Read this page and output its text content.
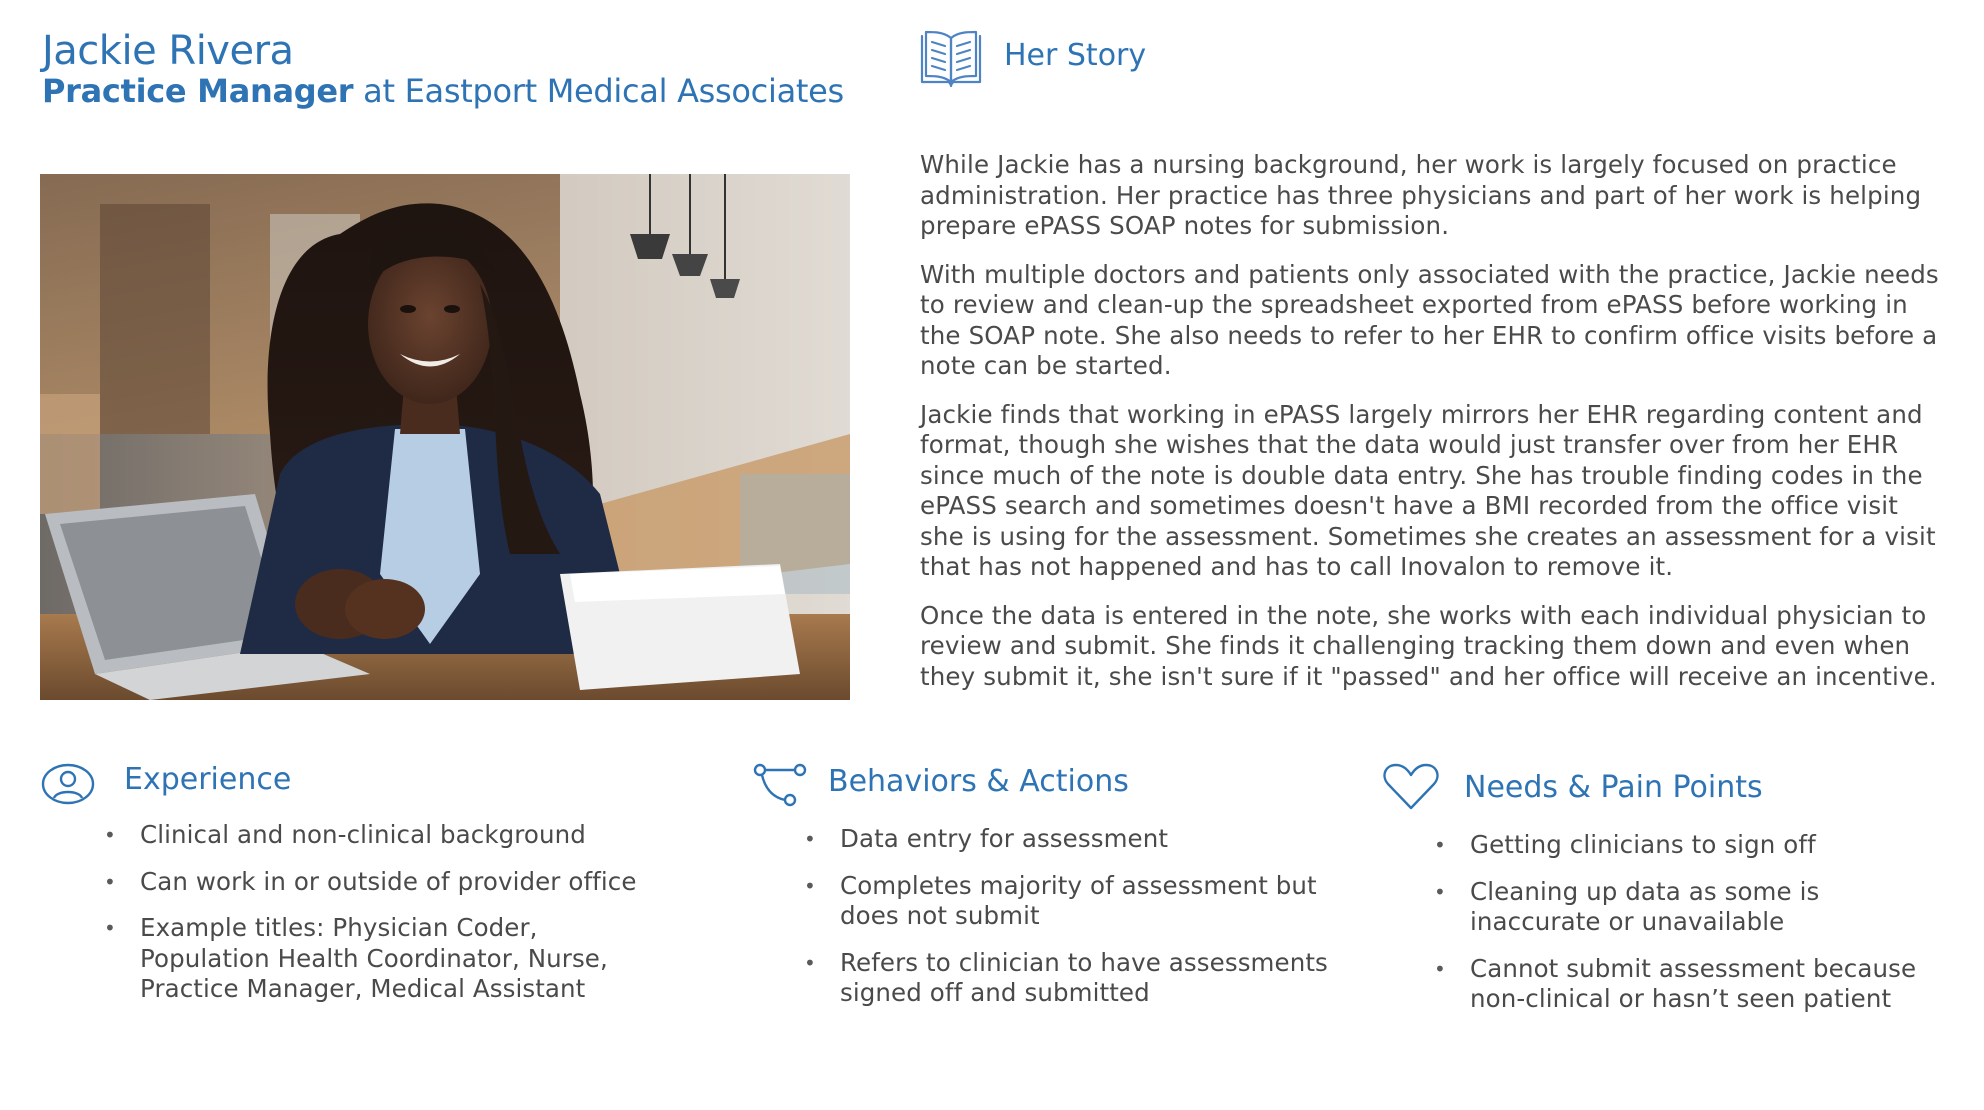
Jackie Rivera
Practice Manager at Eastport Medical Associates
Her Story

While Jackie has a nursing background, her work is largely focused on practice administration. Her practice has three physicians and part of her work is helping prepare ePASS SOAP notes for submission.

With multiple doctors and patients only associated with the practice, Jackie needs to review and clean-up the spreadsheet exported from ePASS before working in the SOAP note. She also needs to refer to her EHR to confirm office visits before a note can be started.

Jackie finds that working in ePASS largely mirrors her EHR regarding content and format, though she wishes that the data would just transfer over from her EHR since much of the note is double data entry. She has trouble finding codes in the ePASS search and sometimes doesn't have a BMI recorded from the office visit she is using for the assessment. Sometimes she creates an assessment for a visit that has not happened and has to call Inovalon to remove it.

Once the data is entered in the note, she works with each individual physician to review and submit. She finds it challenging tracking them down and even when they submit it, she isn't sure if it "passed" and her office will receive an incentive.

Experience
• Clinical and non-clinical background
• Can work in or outside of provider office
• Example titles: Physician Coder, Population Health Coordinator, Nurse, Practice Manager, Medical Assistant
Behaviors & Actions
• Data entry for assessment
• Completes majority of assessment but does not submit
• Refers to clinician to have assessments signed off and submitted
Needs & Pain Points
• Getting clinicians to sign off
• Cleaning up data as some is inaccurate or unavailable
• Cannot submit assessment because non-clinical or hasn’t seen patient
